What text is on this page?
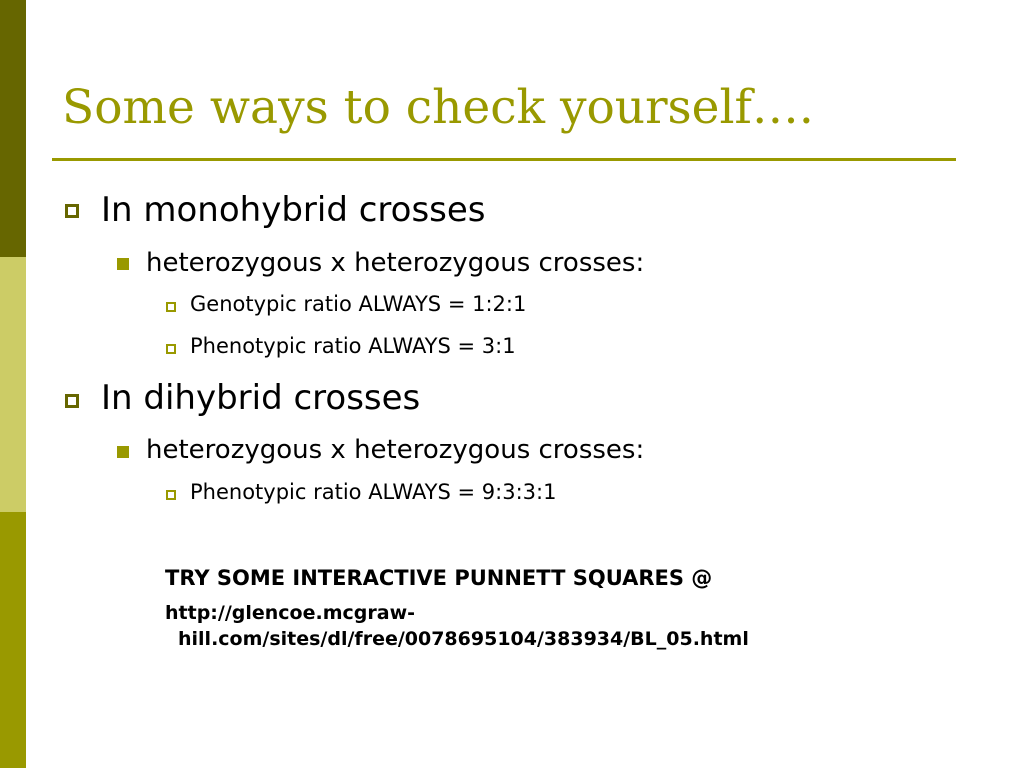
Some ways to check yourself….
In monohybrid crosses
heterozygous x heterozygous crosses:
Genotypic ratio ALWAYS = 1:2:1
Phenotypic ratio ALWAYS = 3:1
In dihybrid crosses
heterozygous x heterozygous crosses:
Phenotypic ratio ALWAYS = 9:3:3:1
TRY SOME INTERACTIVE PUNNETT SQUARES @
http://glencoe.mcgraw-
hill.com/sites/dl/free/0078695104/383934/BL_05.html
